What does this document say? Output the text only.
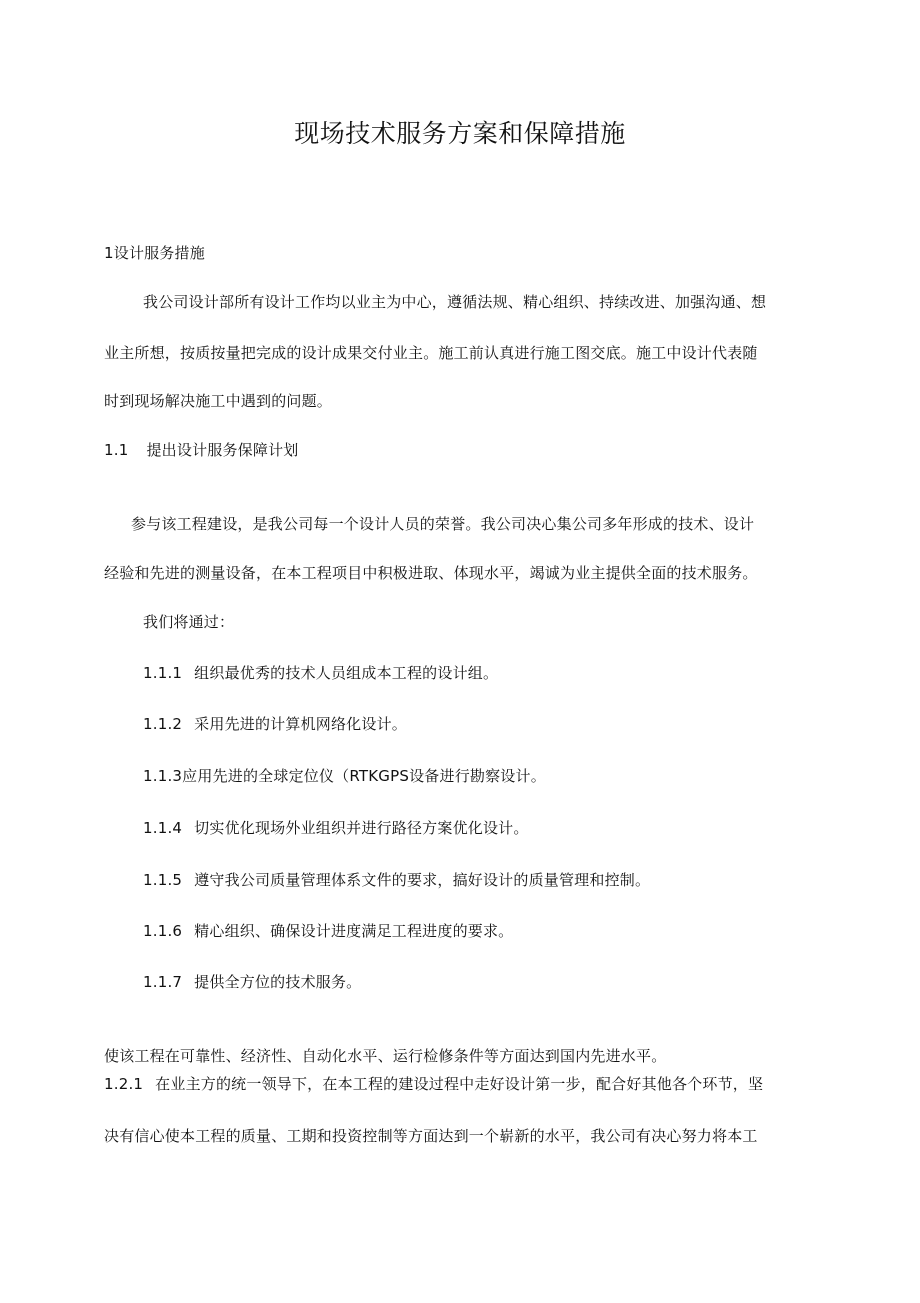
现场技术服务方案和保障措施
1设计服务措施
我公司设计部所有设计工作均以业主为中心，遵循法规、精心组织、持续改进、加强沟通、想
业主所想，按质按量把完成的设计成果交付业主。施工前认真进行施工图交底。施工中设计代表随
时到现场解决施工中遇到的问题。
1.1 提出设计服务保障计划
参与该工程建设，是我公司每一个设计人员的荣誉。我公司决心集公司多年形成的技术、设计
经验和先进的测量设备，在本工程项目中积极进取、体现水平，竭诚为业主提供全面的技术服务。
我们将通过：
1.1.1 组织最优秀的技术人员组成本工程的设计组。
1.1.2 采用先进的计算机网络化设计。
1.1.3应用先进的全球定位仪（RTKGPS设备进行勘察设计。
1.1.4 切实优化现场外业组织并进行路径方案优化设计。
1.1.5 遵守我公司质量管理体系文件的要求，搞好设计的质量管理和控制。
1.1.6 精心组织、确保设计进度满足工程进度的要求。
1.1.7 提供全方位的技术服务。
使该工程在可靠性、经济性、自动化水平、运行检修条件等方面达到国内先进水平。
1.2.1 在业主方的统一领导下，在本工程的建设过程中走好设计第一步，配合好其他各个环节，坚
决有信心使本工程的质量、工期和投资控制等方面达到一个崭新的水平，我公司有决心努力将本工
